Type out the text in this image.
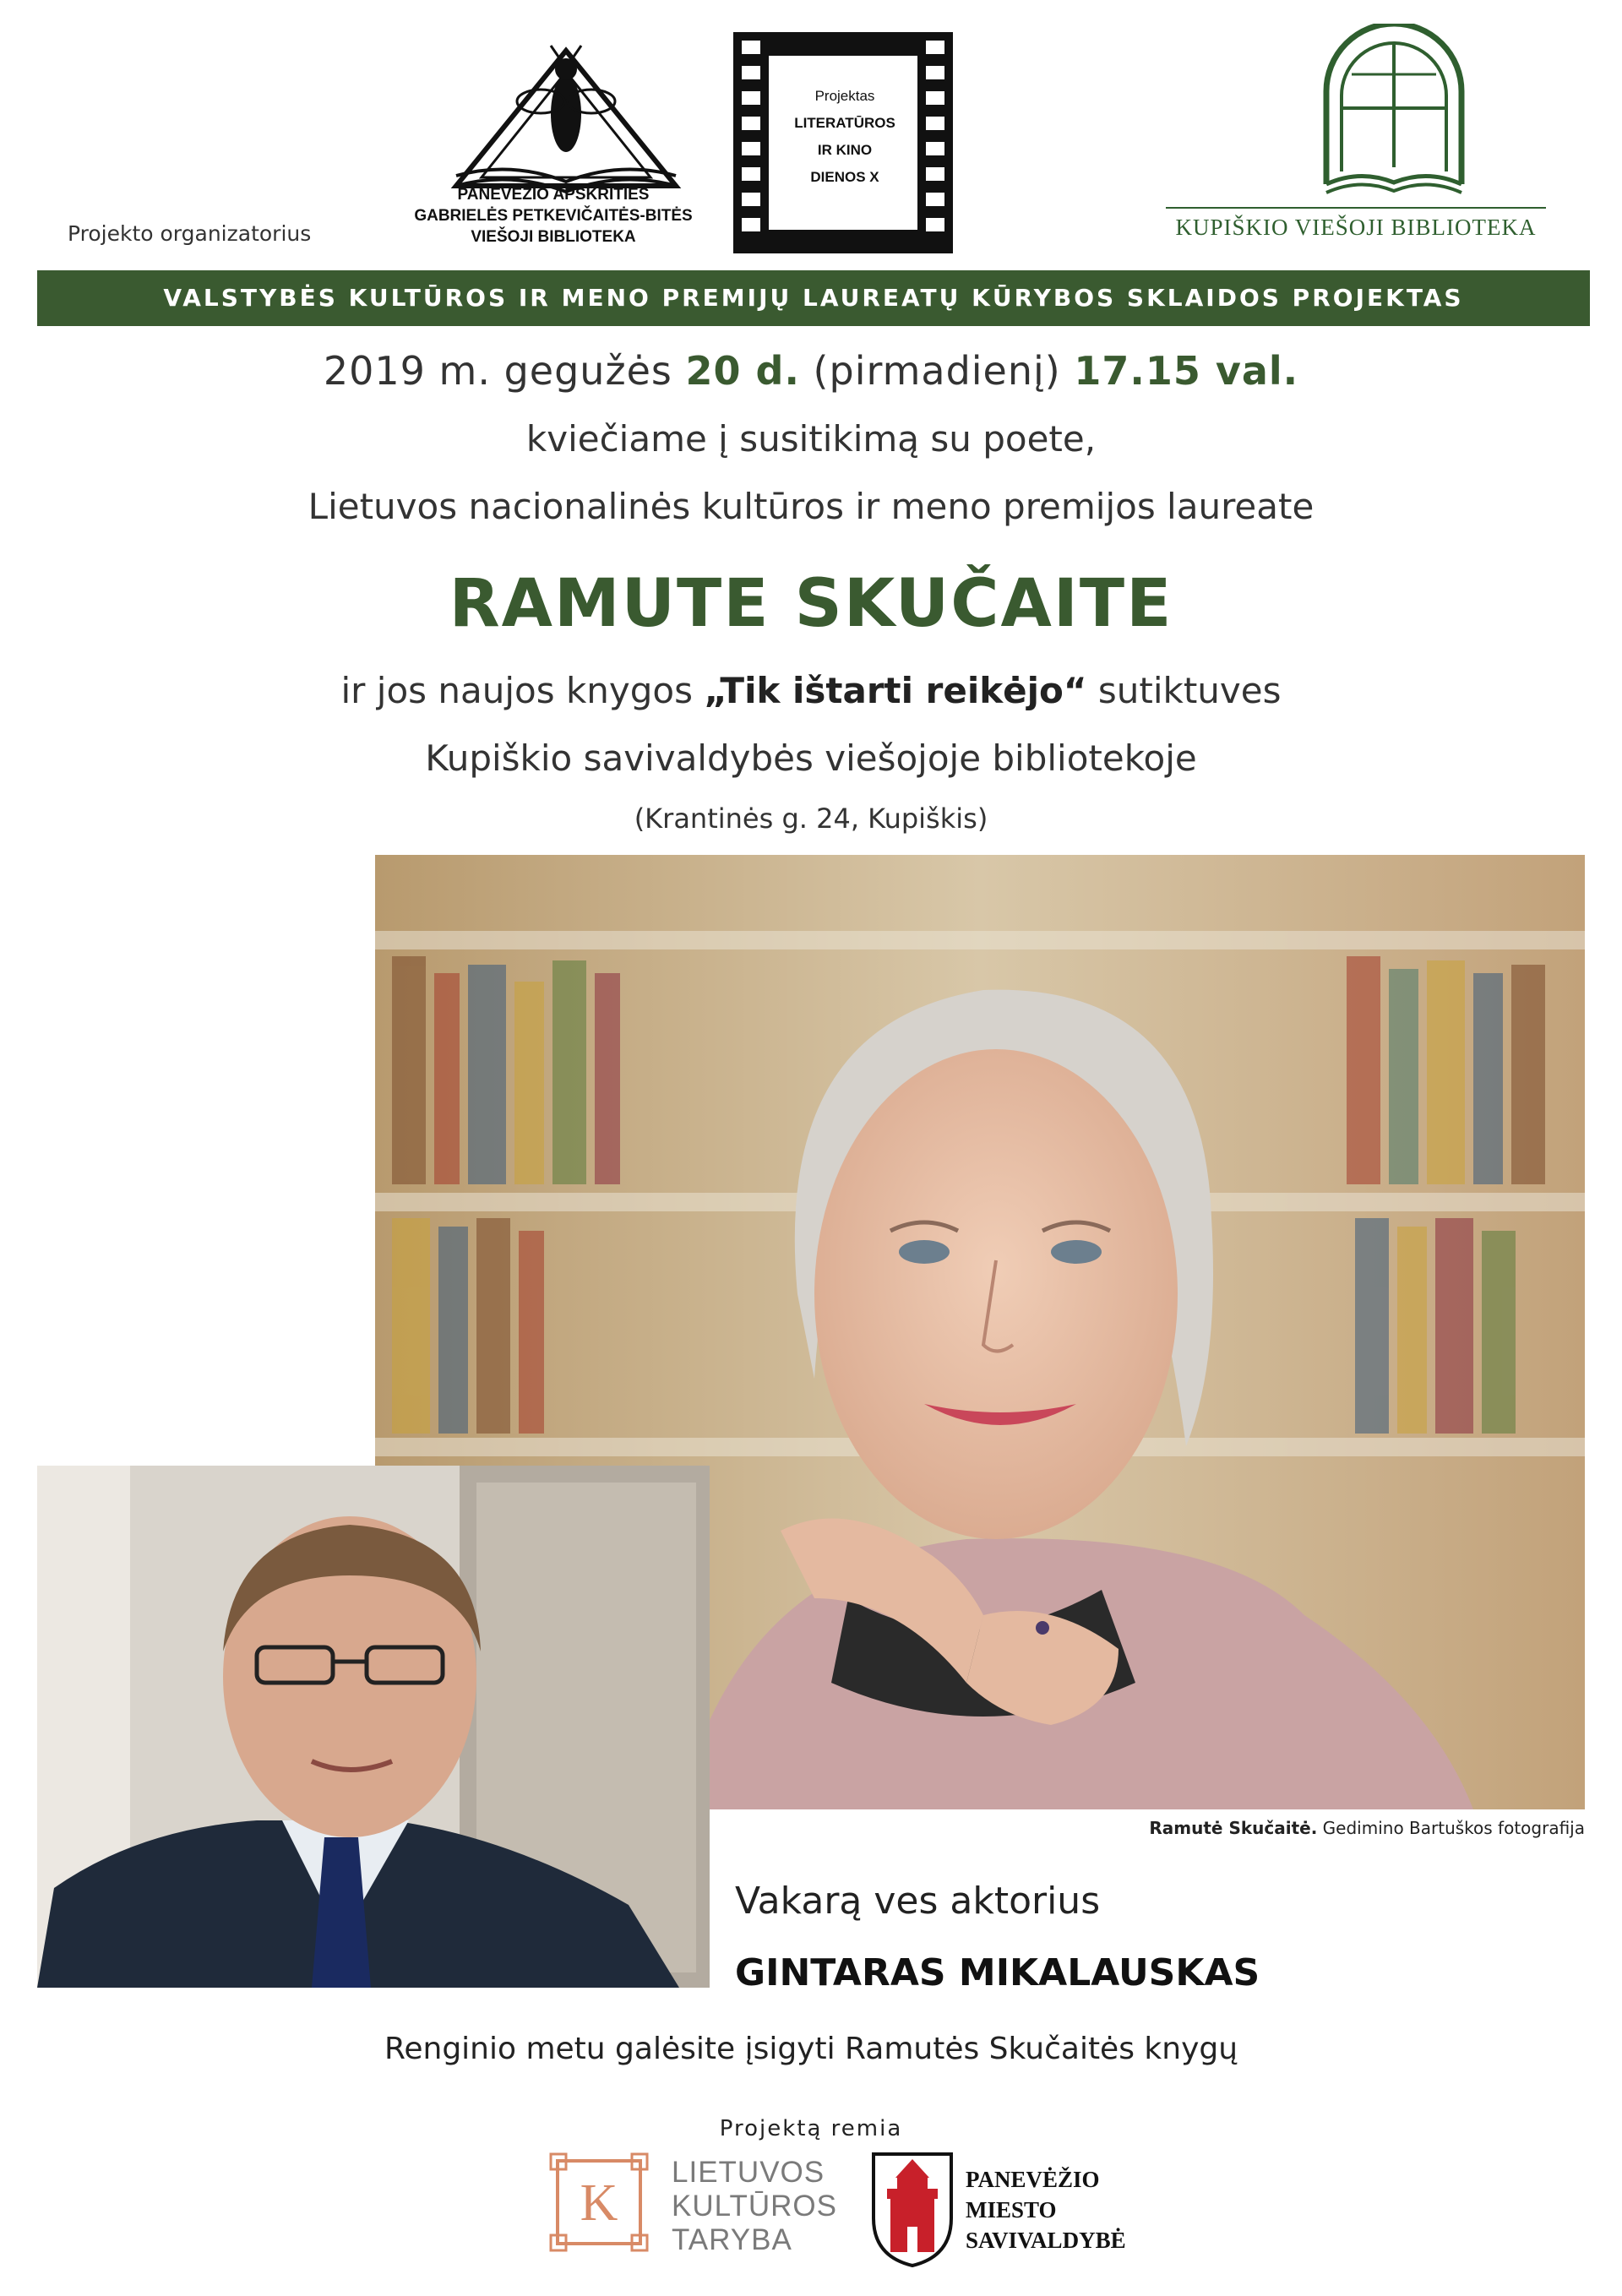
Projekto organizatorius
PANEVĖŽIO APSKRITIES
GABRIELĖS PETKEVIČAITĖS-BITĖS
VIEŠOJI BIBLIOTEKA
Projektas
LITERATŪROS
IR KINO
DIENOS X
KUPIŠKIO VIEŠOJI BIBLIOTEKA
VALSTYBĖS KULTŪROS IR MENO PREMIJŲ LAUREATŲ KŪRYBOS SKLAIDOS PROJEKTAS
2019 m. gegužės 20 d. (pirmadienį) 17.15 val.
kviečiame į susitikimą su poete,
Lietuvos nacionalinės kultūros ir meno premijos laureate
RAMUTE SKUČAITE
ir jos naujos knygos „Tik ištarti reikėjo“ sutiktuves
Kupiškio savivaldybės viešojoje bibliotekoje
(Krantinės g. 24, Kupiškis)
Ramutė Skučaitė. Gedimino Bartuškos fotografija
Vakarą ves aktorius
GINTARAS MIKALAUSKAS
Renginio metu galėsite įsigyti Ramutės Skučaitės knygų
Projektą remia
K
LIETUVOS
KULTŪROS
TARYBA
PANEVĖŽIO
MIESTO
SAVIVALDYBĖ
